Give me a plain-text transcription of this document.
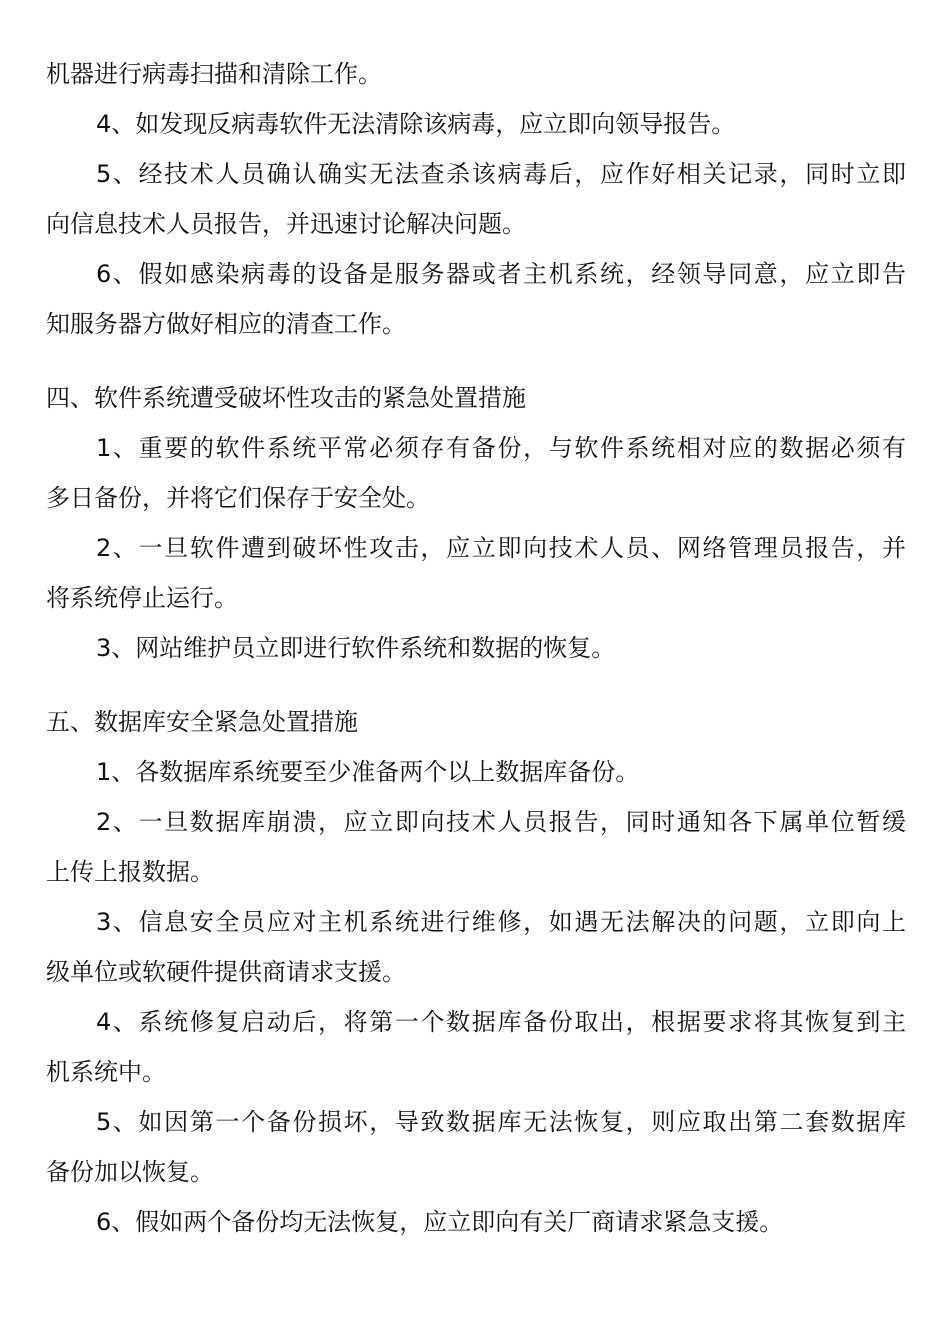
机器进行病毒扫描和清除工作。
4、如发现反病毒软件无法清除该病毒，应立即向领导报告。
5、经技术人员确认确实无法查杀该病毒后，应作好相关记录，同时立即
向信息技术人员报告，并迅速讨论解决问题。
6、假如感染病毒的设备是服务器或者主机系统，经领导同意，应立即告
知服务器方做好相应的清查工作。
四、软件系统遭受破坏性攻击的紧急处置措施
1、重要的软件系统平常必须存有备份，与软件系统相对应的数据必须有
多日备份，并将它们保存于安全处。
2、一旦软件遭到破坏性攻击，应立即向技术人员、网络管理员报告，并
将系统停止运行。
3、网站维护员立即进行软件系统和数据的恢复。
五、数据库安全紧急处置措施
1、各数据库系统要至少准备两个以上数据库备份。
2、一旦数据库崩溃，应立即向技术人员报告，同时通知各下属单位暂缓
上传上报数据。
3、信息安全员应对主机系统进行维修，如遇无法解决的问题，立即向上
级单位或软硬件提供商请求支援。
4、系统修复启动后，将第一个数据库备份取出，根据要求将其恢复到主
机系统中。
5、如因第一个备份损坏，导致数据库无法恢复，则应取出第二套数据库
备份加以恢复。
6、假如两个备份均无法恢复，应立即向有关厂商请求紧急支援。
